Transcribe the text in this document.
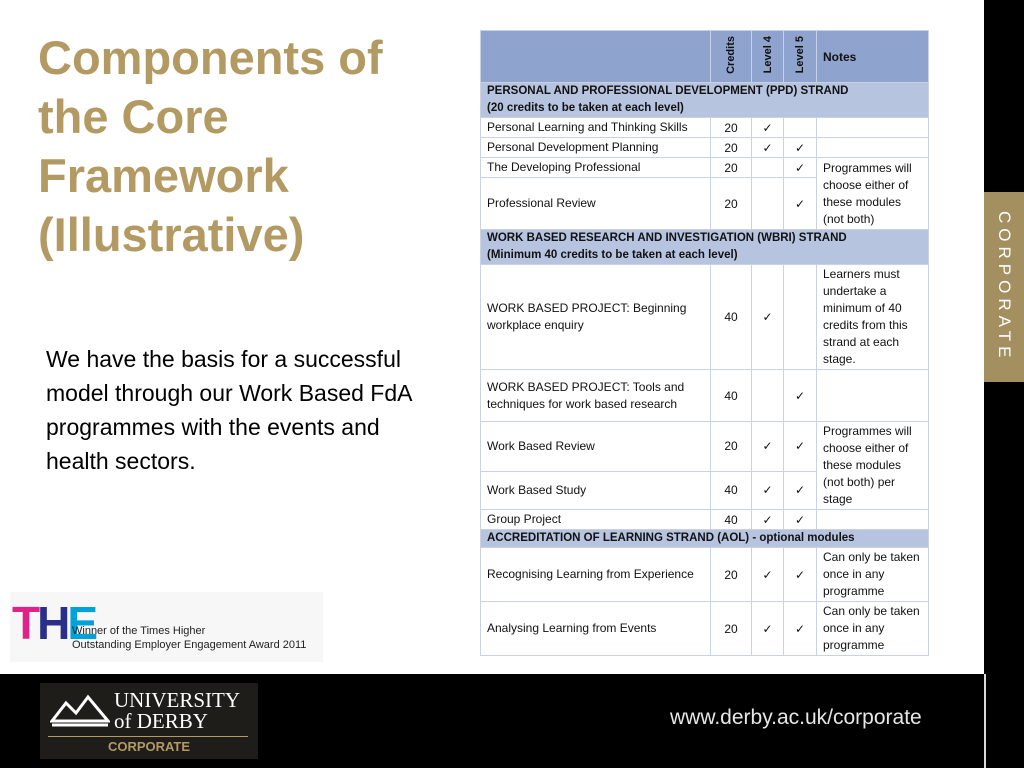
Components of the Core Framework (Illustrative)

We have the basis for a successful model through our Work Based FdA programmes with the events and health sectors.

CORPORATE
	Credits	Level 4	Level 5	Notes

PERSONAL AND PROFESSIONAL DEVELOPMENT (PPD) STRAND
(20 credits to be taken at each level)				

Personal Learning and Thinking Skills	20	✓		
Personal Development Planning	20	✓	✓	
The Developing Professional	20		✓	Programmes will choose either of these modules (not both)
Professional Review	20		✓	

WORK BASED RESEARCH AND INVESTIGATION (WBRI) STRAND
(Minimum 40 credits to be taken at each level)				

WORK BASED PROJECT: Beginning workplace enquiry	40	✓		Learners must undertake a minimum of 40 credits from this strand at each stage.
WORK BASED PROJECT: Tools and techniques for work based research	40		✓	
Work Based Review	20	✓	✓	Programmes will choose either of these modules (not both) per stage
Work Based Study	40	✓	✓	
Group Project	40	✓	✓	

ACCREDITATION OF LEARNING STRAND (AOL) - optional modules				

Recognising Learning from Experience	20	✓	✓	Can only be taken once in any programme
Analysing Learning from Events	20	✓	✓	Can only be taken once in any programme
THE
Winner of the Times Higher
Outstanding Employer Engagement Award 2011
www.derby.ac.uk/corporate
UNIVERSITY
of DERBY
CORPORATE
